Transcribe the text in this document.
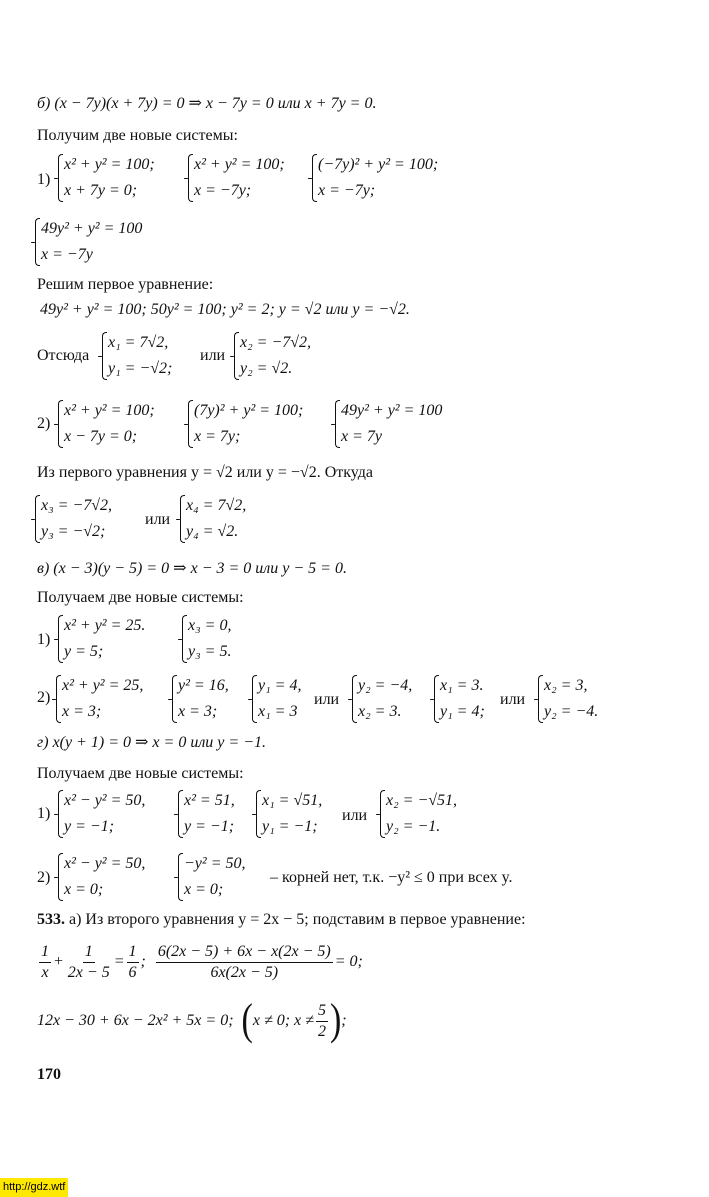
б) (x − 7y)(x + 7y) = 0 ⇒ x − 7y = 0 или x + 7y = 0.
Получим две новые системы:
1)
x² + y² = 100;
x + 7y = 0;
x² + y² = 100;
x = −7y;
(−7y)² + y² = 100;
x = −7y;
49y² + y² = 100
x = −7y
Решим первое уравнение:
49y² + y² = 100; 50y² = 100; y² = 2; y = √2 или y = −√2.
Отсюда
x₁ = 7√2,
y₁ = −√2;
или
x₂ = −7√2,
y₂ = √2.
2)
x² + y² = 100;
x − 7y = 0;
(7y)² + y² = 100;
x = 7y;
49y² + y² = 100
x = 7y
Из первого уравнения y = √2 или y = −√2. Откуда
x₃ = −7√2,
y₃ = −√2;
или
x₄ = 7√2,
y₄ = √2.
в) (x − 3)(y − 5) = 0 ⇒ x − 3 = 0 или y − 5 = 0.
Получаем две новые системы:
1)
x² + y² = 25.
y = 5;
x₃ = 0,
y₃ = 5.
2)
x² + y² = 25,
x = 3;
y² = 16,
x = 3;
y₁ = 4,
x₁ = 3
или
y₂ = −4,
x₂ = 3.
x₁ = 3.
y₁ = 4;
или
x₂ = 3,
y₂ = −4.
г) x(y + 1) = 0 ⇒ x = 0 или y = −1.
Получаем две новые системы:
1)
x² − y² = 50,
y = −1;
x² = 51,
y = −1;
x₁ = √51,
y₁ = −1;
или
x₂ = −√51,
y₂ = −1.
2)
x² − y² = 50,
x = 0;
−y² = 50,
x = 0;
– корней нет, т.к. −y² ≤ 0 при всех y.
533. а) Из второго уравнения y = 2x − 5; подставим в первое уравнение:
$\frac{1}{x} + \frac{1}{2x - 5} = \frac{1}{6}$ ; $\frac{6(2x - 5) + 6x - x(2x - 5)}{6x(2x - 5)} = 0$;
12x − 30 + 6x − 2x² + 5x = 0; ( x ≠ 0; $x \ne \frac{5}{2}$ ) ;
170
http://gdz.wtf
